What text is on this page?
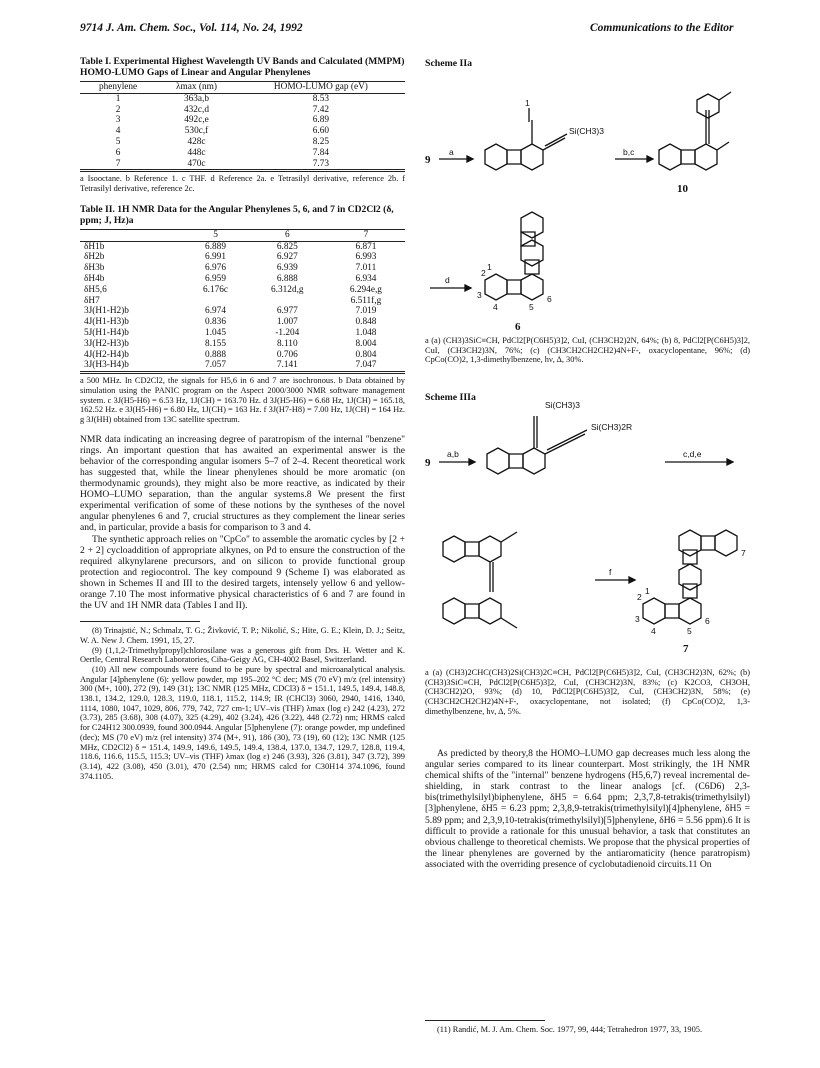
9714 J. Am. Chem. Soc., Vol. 114, No. 24, 1992	Communications to the Editor
Table I. Experimental Highest Wavelength UV Bands and Calculated (MMPM) HOMO-LUMO Gaps of Linear and Angular Phenylenes
phenylene	λmax (nm)	HOMO-LUMO gap (eV)
1	363a,b	8.53
2	432c,d	7.42
3	492c,e	6.89
4	530c,f	6.60
5	428c	8.25
6	448c	7.84
7	470c	7.73
a Isooctane. b Reference 1. c THF. d Reference 2a. e Tetrasilyl derivative, reference 2b. f Tetrasilyl derivative, reference 2c.
Table II. 1H NMR Data for the Angular Phenylenes 5, 6, and 7 in CD2Cl2 (δ, ppm; J, Hz)a
	5	6	7
δH1b	6.889	6.825	6.871
δH2b	6.991	6.927	6.993
δH3b	6.976	6.939	7.011
δH4b	6.959	6.888	6.934
δH5,6	6.176c	6.312d,g	6.294e,g
δH7			6.511f,g
3J(H1-H2)b	6.974	6.977	7.019
4J(H1-H3)b	0.836	1.007	0.848
5J(H1-H4)b	1.045	-1.204	1.048
3J(H2-H3)b	8.155	8.110	8.004
4J(H2-H4)b	0.888	0.706	0.804
3J(H3-H4)b	7.057	7.141	7.047
a 500 MHz. In CD2Cl2, the signals for H5,6 in 6 and 7 are isochronous. b Data obtained by simulation using the PANIC program on the Aspect 2000/3000 NMR software management system. c 3J(H5-H6) = 6.53 Hz, 1J(CH) = 163.70 Hz. d 3J(H5-H6) = 6.68 Hz, 1J(CH) = 165.18, 162.52 Hz. e 3J(H5-H6) = 6.80 Hz, 1J(CH) = 163 Hz. f 3J(H7-H8) = 7.00 Hz, 1J(CH) = 164 Hz. g 3J(HH) obtained from 13C satellite spectrum.
NMR data indicating an increasing degree of paratropism of the internal "benzene" rings. An important question that has awaited an experimental answer is the behavior of the corresponding angular isomers 5–7 of 2–4. Recent theoretical work has suggested that, while the linear phenylenes should be more aromatic (on thermodynamic grounds), they might also be more reactive, as indicated by their HOMO–LUMO separation, than the angular systems.8 We present the first experimental verification of some of these notions by the syntheses of the novel angular phenylenes 6 and 7, crucial structures as they complement the linear series and, in particular, provide a basis for comparison to 3 and 4.
The synthetic approach relies on "CpCo" to assemble the aromatic cycles by [2 + 2 + 2] cycloaddition of appropriate alkynes, on Pd to ensure the construction of the required alkynylarene precursors, and on silicon to provide functional group protection and regiocontrol. The key compound 9 (Scheme I) was elaborated as shown in Schemes II and III to the desired targets, intensely yellow 6 and yellow-orange 7.10 The most informative physical characteristics of 6 and 7 are found in the UV and 1H NMR data (Tables I and II).
(8) Trinajstić, N.; Schmalz, T. G.; Živković, T. P.; Nikolić, S.; Hite, G. E.; Klein, D. J.; Seitz, W. A. New J. Chem. 1991, 15, 27.
(9) (1,1,2-Trimethylpropyl)chlorosilane was a generous gift from Drs. H. Wetter and K. Oertle, Central Research Laboratories, Ciba-Geigy AG, CH-4002 Basel, Switzerland.
(10) All new compounds were found to be pure by spectral and microanalytical analysis. Angular [4]phenylene (6): yellow powder, mp 195–202 °C dec; MS (70 eV) m/z (rel intensity) 300 (M+, 100), 272 (9), 149 (31); 13C NMR (125 MHz, CDCl3) δ = 151.1, 149.5, 149.4, 148.8, 138.1, 134.2, 129.0, 128.3, 119.0, 118.1, 115.2, 114.9; IR (CHCl3) 3060, 2940, 1416, 1340, 1114, 1080, 1047, 1029, 806, 779, 742, 727 cm-1; UV–vis (THF) λmax (log ε) 242 (4.23), 272 (3.73), 285 (3.68), 308 (4.07), 325 (4.29), 402 (3.24), 426 (3.22), 448 (2.72) nm; HRMS calcd for C24H12 300.0939, found 300.0944. Angular [5]phenylene (7): orange powder, mp undefined (dec); MS (70 eV) m/z (rel intensity) 374 (M+, 91), 186 (30), 73 (19), 60 (12); 13C NMR (125 MHz, CD2Cl2) δ = 151.4, 149.9, 149.6, 149.5, 149.4, 138.4, 137.0, 134.7, 129.7, 128.8, 119.4, 118.6, 116.6, 115.5, 115.3; UV–vis (THF) λmax (log ε) 246 (3.93), 326 (3.81), 347 (3.72), 399 (3.14), 422 (3.08), 450 (3.01), 470 (2.54) nm; HRMS calcd for C30H14 374.1096, found 374.1105.
Scheme IIa
9
a
1
Si(CH3)3
b,c
10
d
2
1
3
4	5
6
6
a (a) (CH3)3SiC≡CH, PdCl2[P(C6H5)3]2, CuI, (CH3CH2)2N, 64%; (b) 8, PdCl2[P(C6H5)3]2, CuI, (CH3CH2)3N, 76%; (c) (CH3CH2CH2CH2)4N+F-, oxacyclopentane, 96%; (d) CpCo(CO)2, 1,3-dimethylbenzene, hν, Δ, 30%.
Scheme IIIa
Si(CH3)3
9
a,b
Si(CH3)2R
c,d,e
f
2
1
3
4	5
6
7
7
a (a) (CH3)2CHC(CH3)2Si(CH3)2C≡CH, PdCl2[P(C6H5)3]2, CuI, (CH3CH2)3N, 62%; (b) (CH3)3SiC≡CH, PdCl2[P(C6H5)3]2, CuI, (CH3CH2)3N, 83%; (c) K2CO3, CH3OH, (CH3CH2)2O, 93%; (d) 10, PdCl2[P(C6H5)3]2, CuI, (CH3CH2)3N, 58%; (e) (CH3CH2CH2CH2)4N+F-, oxacyclopentane, not isolated; (f) CpCo(CO)2, 1,3-dimethylbenzene, hν, Δ, 5%.
As predicted by theory,8 the HOMO–LUMO gap decreases much less along the angular series compared to its linear counterpart. Most strikingly, the 1H NMR chemical shifts of the "internal" benzene hydrogens (H5,6,7) reveal incremental de-shielding, in stark contrast to the linear analogs [cf. (C6D6) 2,3-bis(trimethylsilyl)biphenylene, δH5 = 6.64 ppm; 2,3,7,8-tetrakis(trimethylsilyl)[3]phenylene, δH5 = 6.23 ppm; 2,3,8,9-tetrakis(trimethylsilyl)[4]phenylene, δH5 = 5.89 ppm; and 2,3,9,10-tetrakis(trimethylsilyl)[5]phenylene, δH6 = 5.56 ppm).6 It is difficult to provide a rationale for this unusual behavior, a task that constitutes an obvious challenge to theoretical chemists. We propose that the physical properties of the linear phenylenes are governed by the antiaromaticity (hence paratropism) associated with the overriding presence of cyclobutadienoid circuits.11 On
(11) Randić, M. J. Am. Chem. Soc. 1977, 99, 444; Tetrahedron 1977, 33, 1905.
